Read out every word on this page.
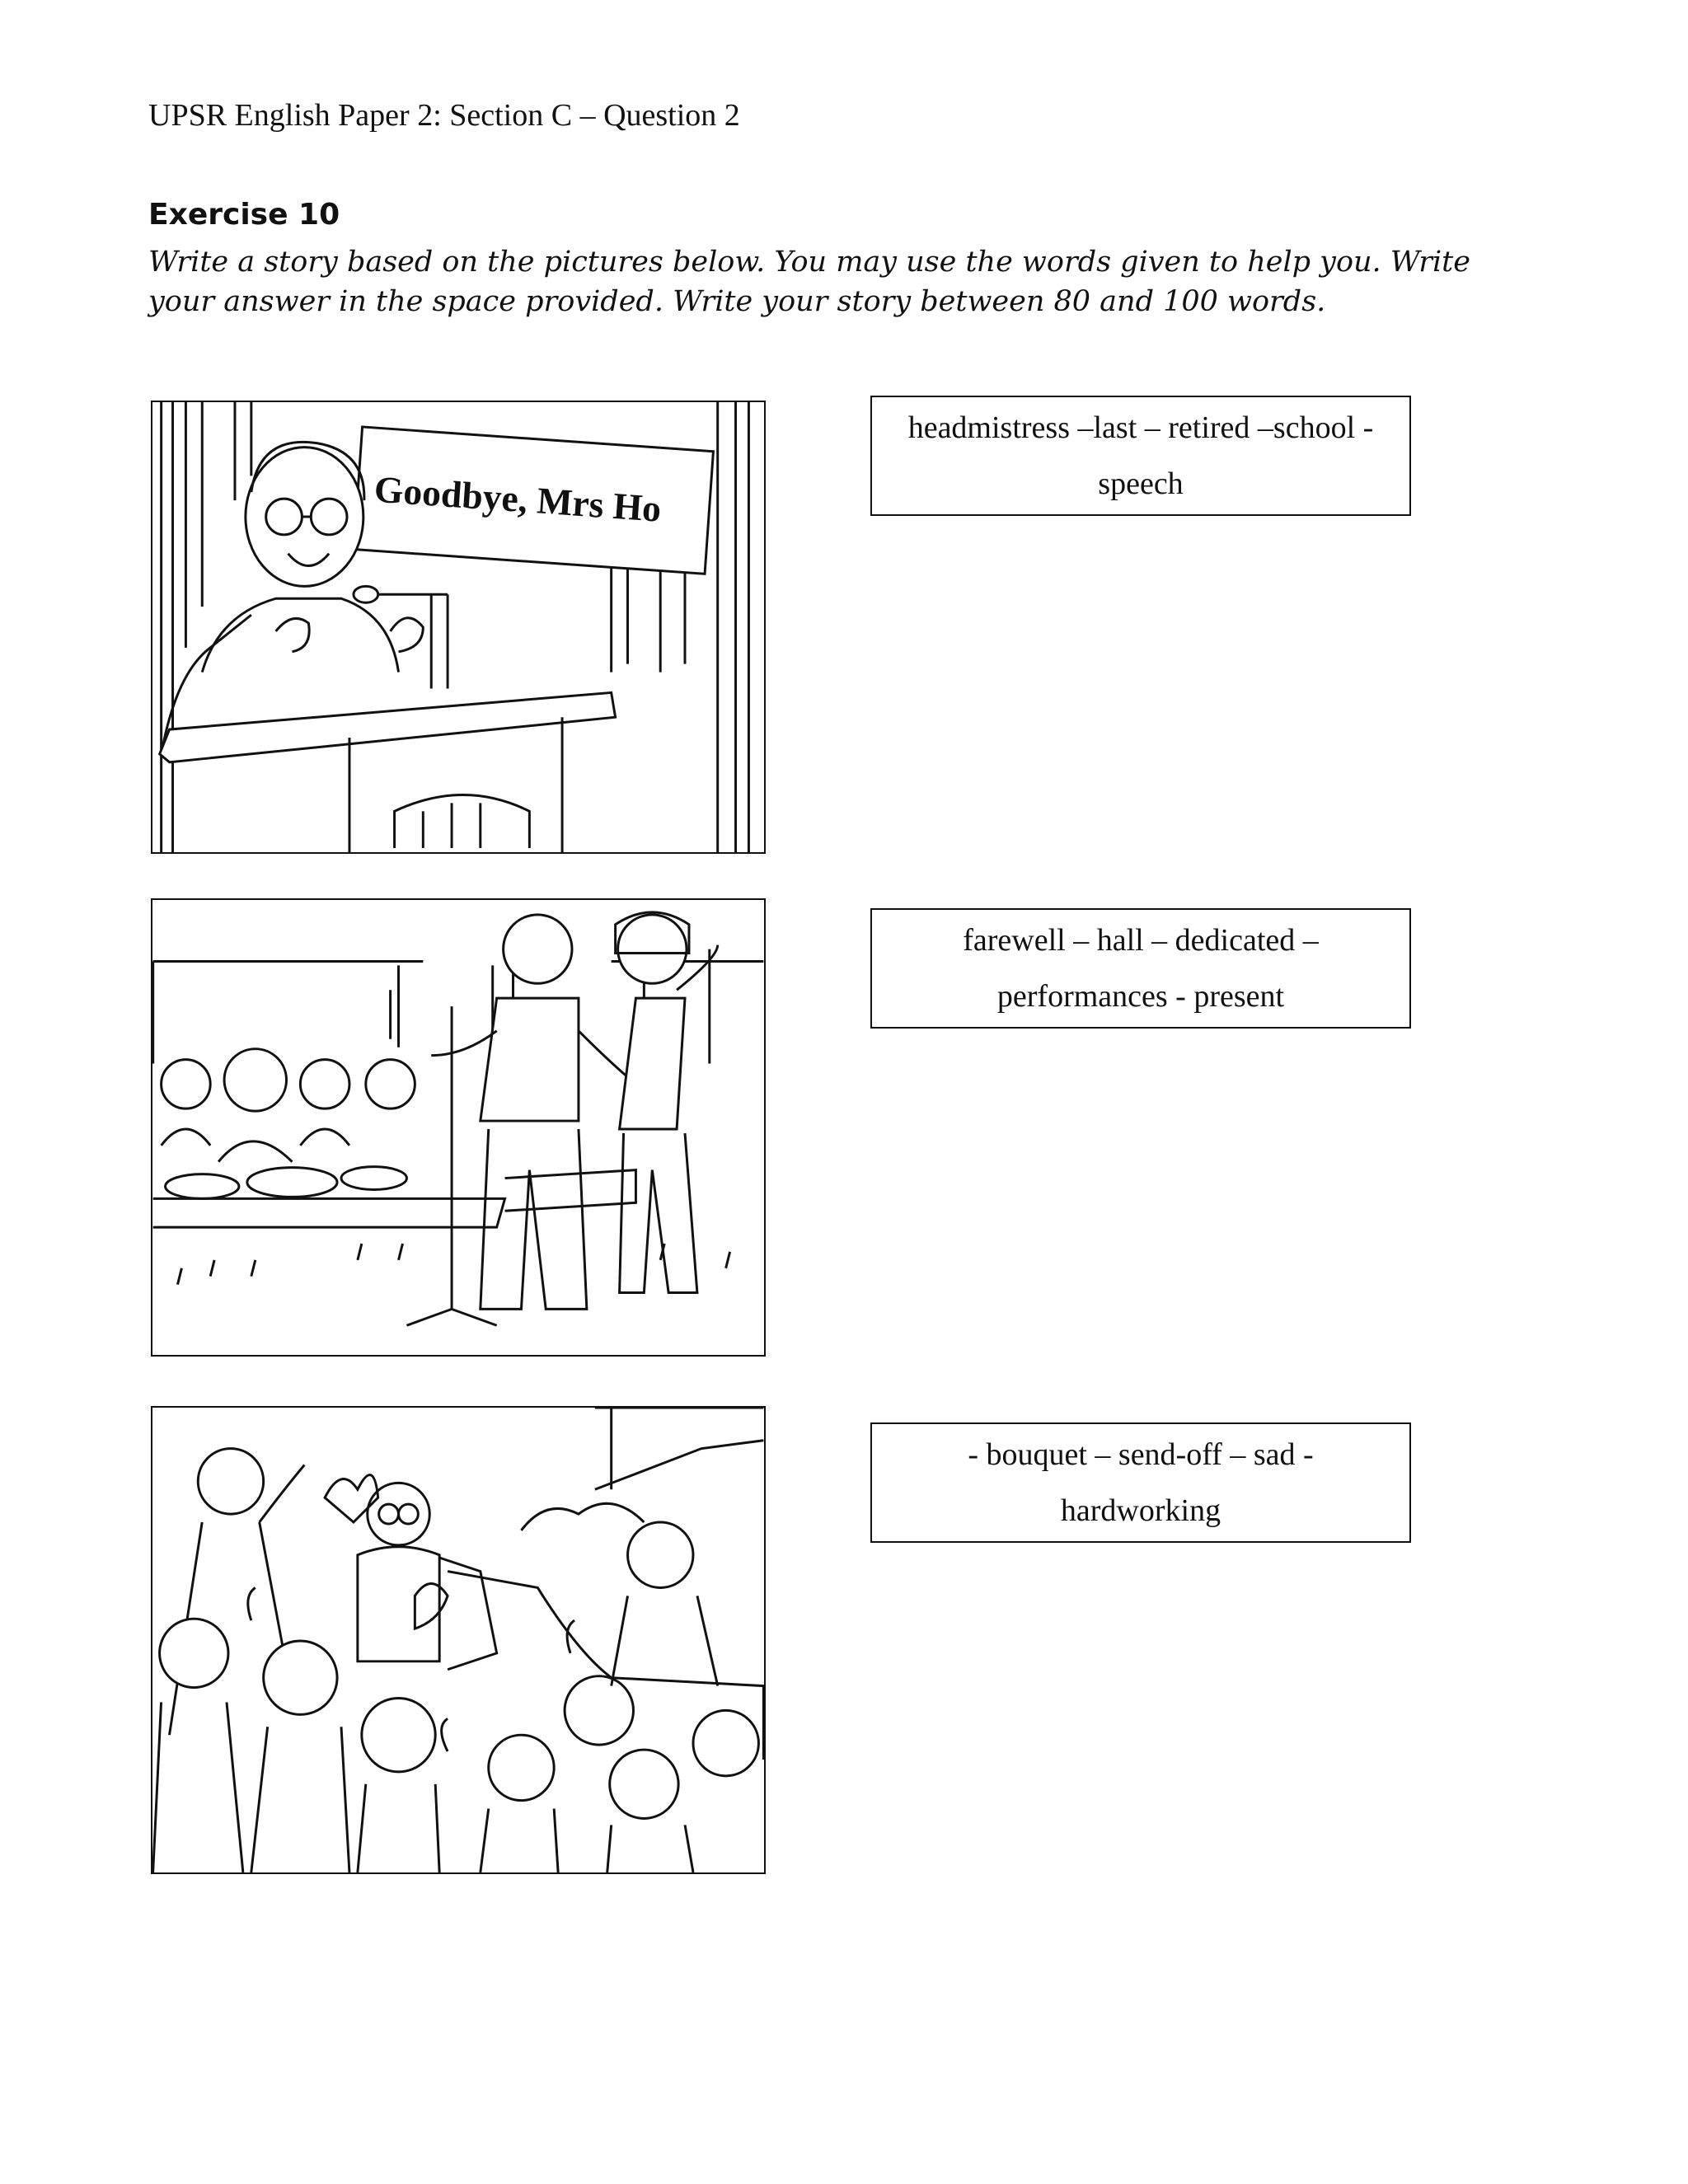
UPSR English Paper 2: Section C – Question 2
Exercise 10
Write a story based on the pictures below. You may use the words given to help you. Write your answer in the space provided. Write your story between 80 and 100 words.
Goodbye, Mrs Ho
headmistress –last – retired –school - speech
farewell – hall – dedicated – performances - present
- bouquet – send-off – sad - hardworking
